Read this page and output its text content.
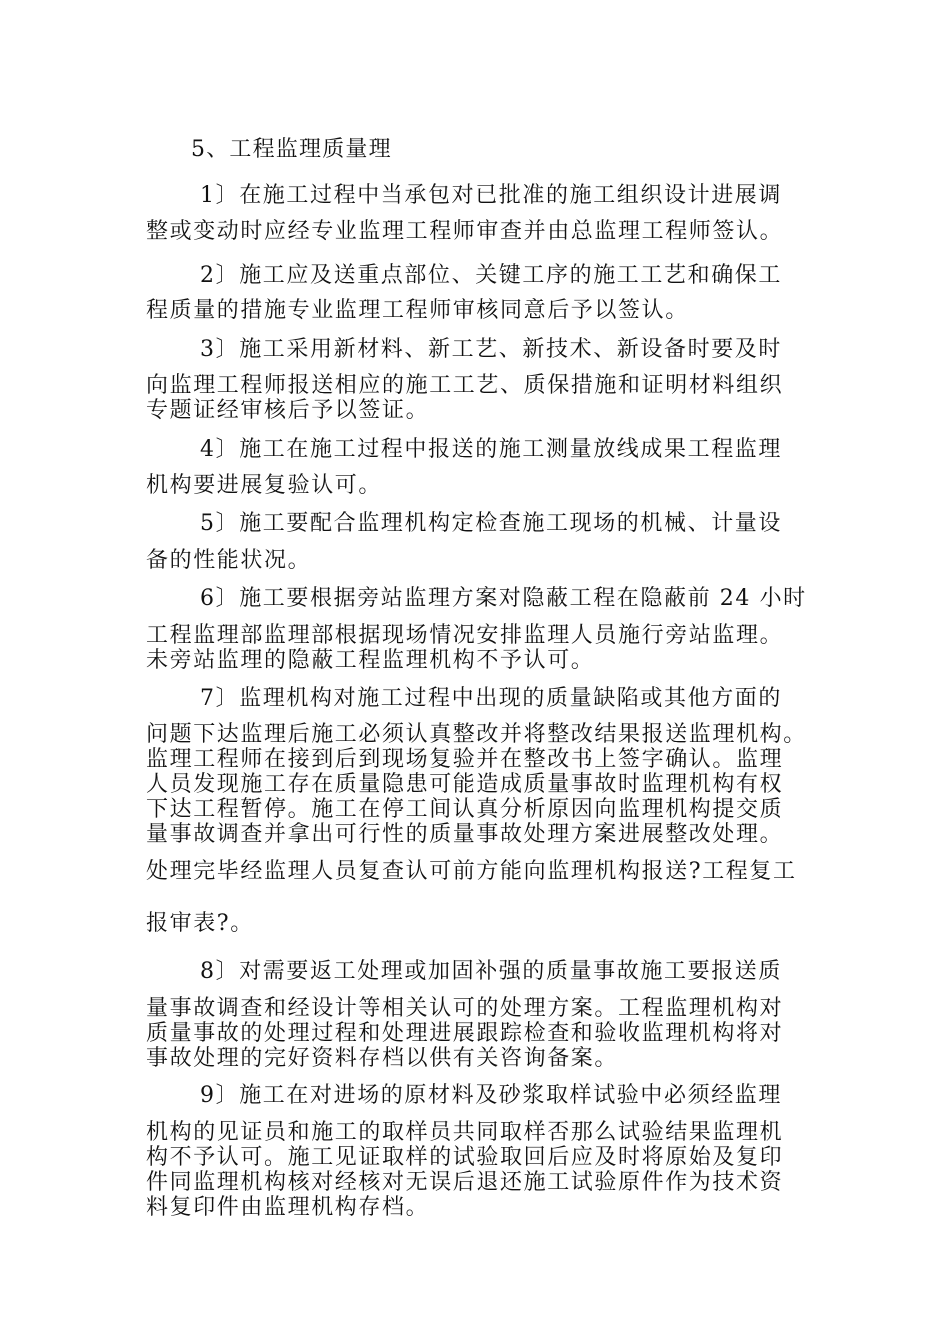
5、工程监理质量理
1〕在施工过程中当承包对已批准的施工组织设计进展调
整或变动时应经专业监理工程师审查并由总监理工程师签认。
2〕施工应及送重点部位、关键工序的施工工艺和确保工
程质量的措施专业监理工程师审核同意后予以签认。
3〕施工采用新材料、新工艺、新技术、新设备时要及时
向监理工程师报送相应的施工工艺、质保措施和证明材料组织
专题证经审核后予以签证。
4〕施工在施工过程中报送的施工测量放线成果工程监理
机构要进展复验认可。
5〕施工要配合监理机构定检查施工现场的机械、计量设
备的性能状况。
6〕施工要根据旁站监理方案对隐蔽工程在隐蔽前 24 小时
工程监理部监理部根据现场情况安排监理人员施行旁站监理。
未旁站监理的隐蔽工程监理机构不予认可。
7〕监理机构对施工过程中出现的质量缺陷或其他方面的
问题下达监理后施工必须认真整改并将整改结果报送监理机构。
监理工程师在接到后到现场复验并在整改书上签字确认。监理
人员发现施工存在质量隐患可能造成质量事故时监理机构有权
下达工程暂停。施工在停工间认真分析原因向监理机构提交质
量事故调查并拿出可行性的质量事故处理方案进展整改处理。
处理完毕经监理人员复查认可前方能向监理机构报送?工程复工
报审表?。
8〕对需要返工处理或加固补强的质量事故施工要报送质
量事故调查和经设计等相关认可的处理方案。工程监理机构对
质量事故的处理过程和处理进展跟踪检查和验收监理机构将对
事故处理的完好资料存档以供有关咨询备案。
9〕施工在对进场的原材料及砂浆取样试验中必须经监理
机构的见证员和施工的取样员共同取样否那么试验结果监理机
构不予认可。施工见证取样的试验取回后应及时将原始及复印
件同监理机构核对经核对无误后退还施工试验原件作为技术资
料复印件由监理机构存档。
